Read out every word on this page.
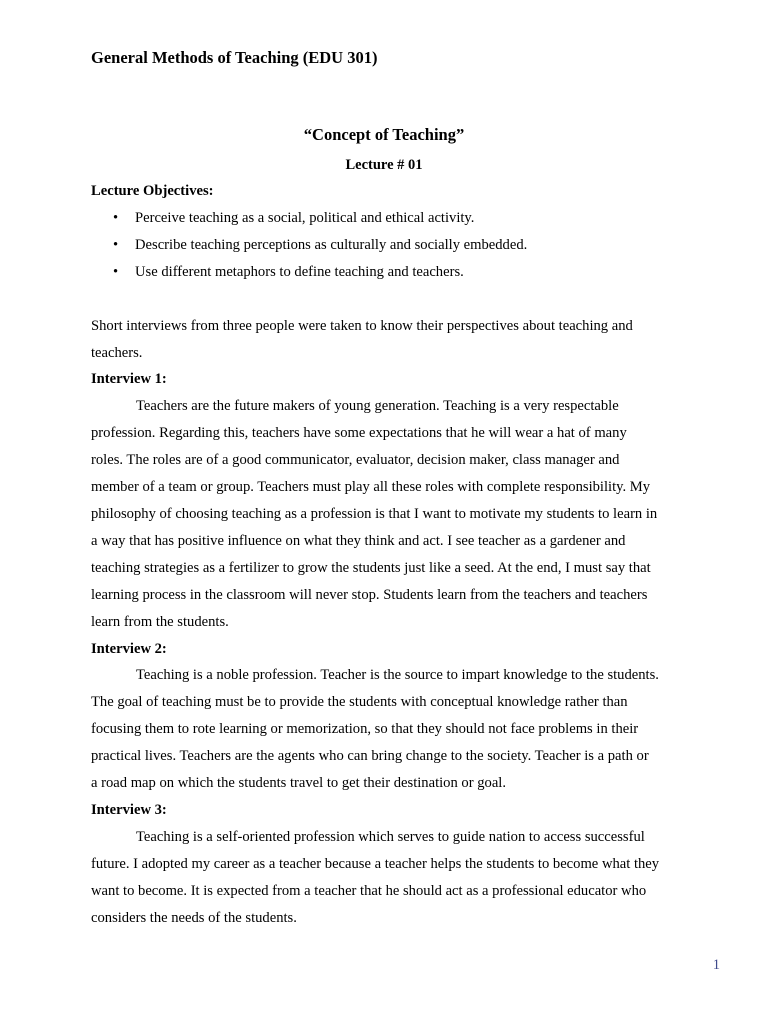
General Methods of Teaching (EDU 301)
“Concept of Teaching”
Lecture # 01

Lecture Objectives:

• Perceive teaching as a social, political and ethical activity.
• Describe teaching perceptions as culturally and socially embedded.
• Use different metaphors to define teaching and teachers.

Short interviews from three people were taken to know their perspectives about teaching and

teachers.

Interview 1:

Teachers are the future makers of young generation. Teaching is a very respectable

profession. Regarding this, teachers have some expectations that he will wear a hat of many

roles. The roles are of a good communicator, evaluator, decision maker, class manager and

member of a team or group. Teachers must play all these roles with complete responsibility. My

philosophy of choosing teaching as a profession is that I want to motivate my students to learn in

a way that has positive influence on what they think and act. I see teacher as a gardener and

teaching strategies as a fertilizer to grow the students just like a seed. At the end, I must say that

learning process in the classroom will never stop. Students learn from the teachers and teachers

learn from the students.

Interview 2:

Teaching is a noble profession. Teacher is the source to impart knowledge to the students.

The goal of teaching must be to provide the students with conceptual knowledge rather than

focusing them to rote learning or memorization, so that they should not face problems in their

practical lives. Teachers are the agents who can bring change to the society. Teacher is a path or

a road map on which the students travel to get their destination or goal.

Interview 3:

Teaching is a self-oriented profession which serves to guide nation to access successful

future. I adopted my career as a teacher because a teacher helps the students to become what they

want to become. It is expected from a teacher that he should act as a professional educator who

considers the needs of the students.

1
